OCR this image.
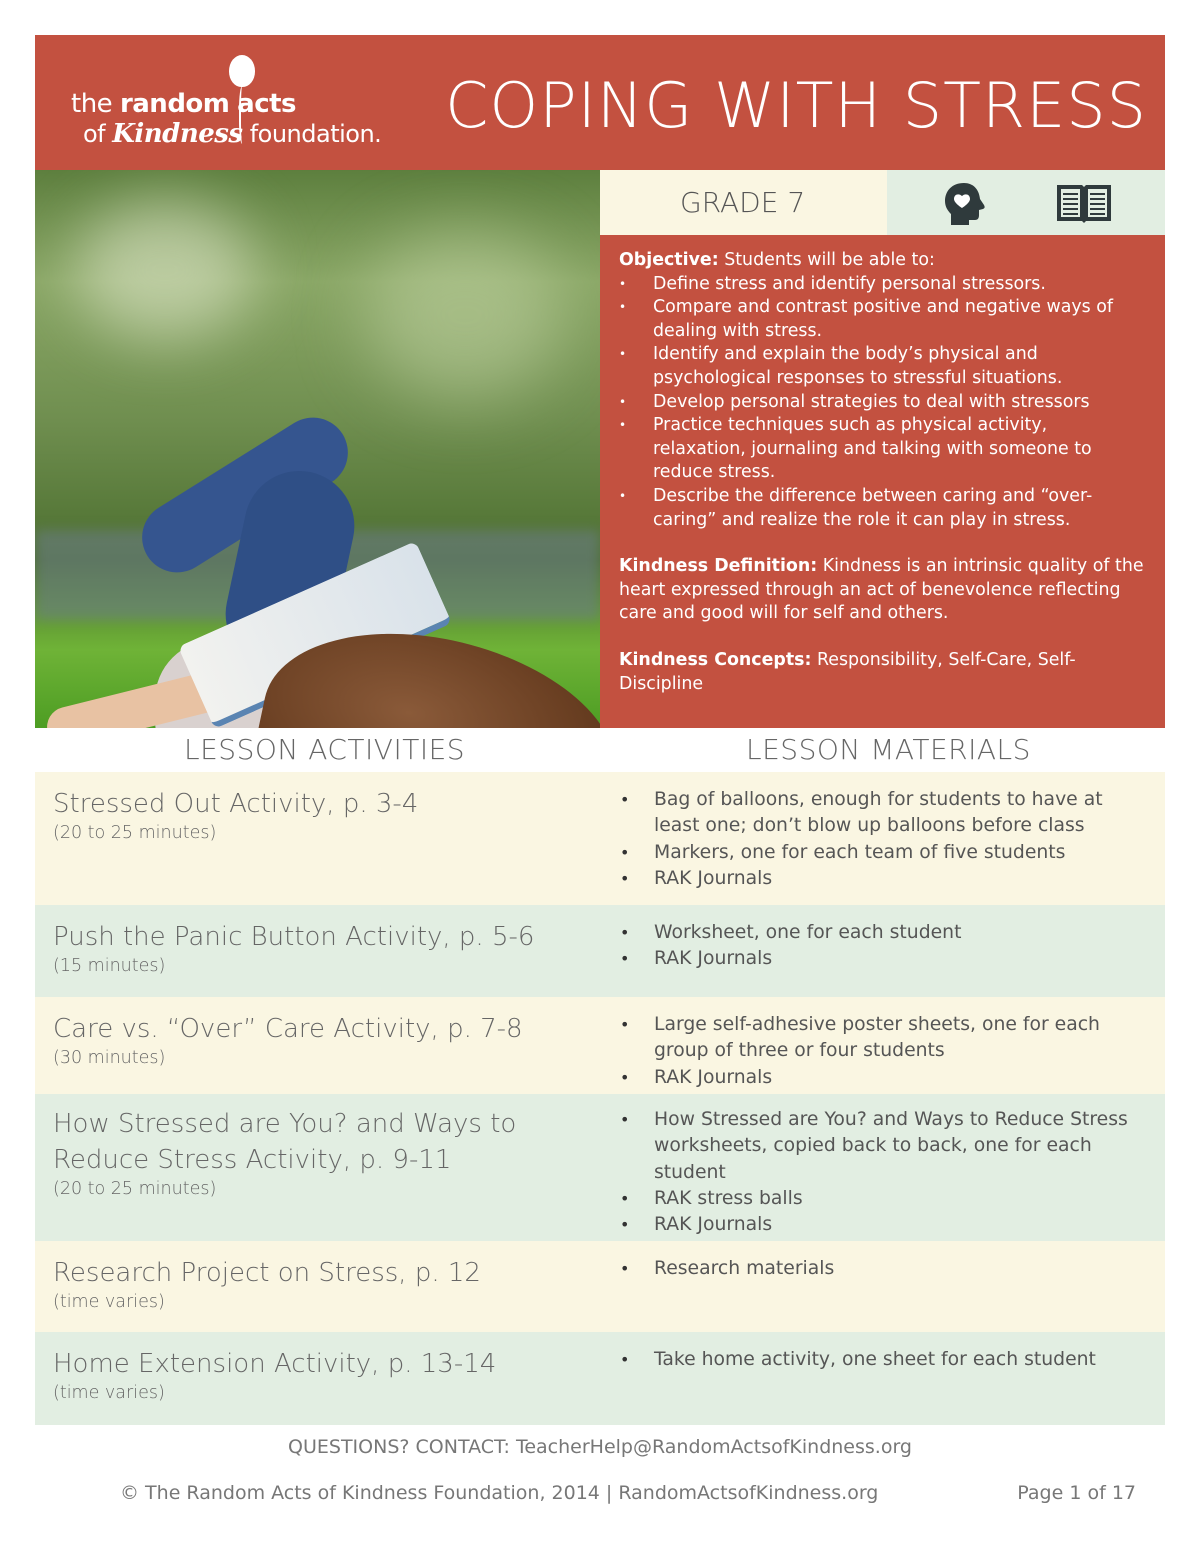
the random acts
of Kindness foundation. COPING WITH STRESS
GRADE 7
Objective: Students will be able to:
• Define stress and identify personal stressors.
• Compare and contrast positive and negative ways of dealing with stress.
• Identify and explain the body’s physical and psychological responses to stressful situations.
• Develop personal strategies to deal with stressors
• Practice techniques such as physical activity, relaxation, journaling and talking with someone to reduce stress.
• Describe the difference between caring and “over-caring” and realize the role it can play in stress.
Kindness Definition: Kindness is an intrinsic quality of the heart expressed through an act of benevolence reflecting care and good will for self and others.
Kindness Concepts: Responsibility, Self-Care, Self-Discipline
LESSON ACTIVITIES	LESSON MATERIALS
Stressed Out Activity, p. 3-4
(20 to 25 minutes)
• Bag of balloons, enough for students to have at least one; don’t blow up balloons before class
• Markers, one for each team of five students
• RAK Journals
Push the Panic Button Activity, p. 5-6
(15 minutes)
• Worksheet, one for each student
• RAK Journals
Care vs. “Over” Care Activity, p. 7-8
(30 minutes)
• Large self-adhesive poster sheets, one for each group of three or four students
• RAK Journals
How Stressed are You? and Ways to Reduce Stress Activity, p. 9-11
(20 to 25 minutes)
• How Stressed are You? and Ways to Reduce Stress worksheets, copied back to back, one for each student
• RAK stress balls
• RAK Journals
Research Project on Stress, p. 12
(time varies)
• Research materials
Home Extension Activity, p. 13-14
(time varies)
• Take home activity, one sheet for each student
QUESTIONS? CONTACT: TeacherHelp@RandomActsofKindness.org
© The Random Acts of Kindness Foundation, 2014 | RandomActsofKindness.org	Page 1 of 17
